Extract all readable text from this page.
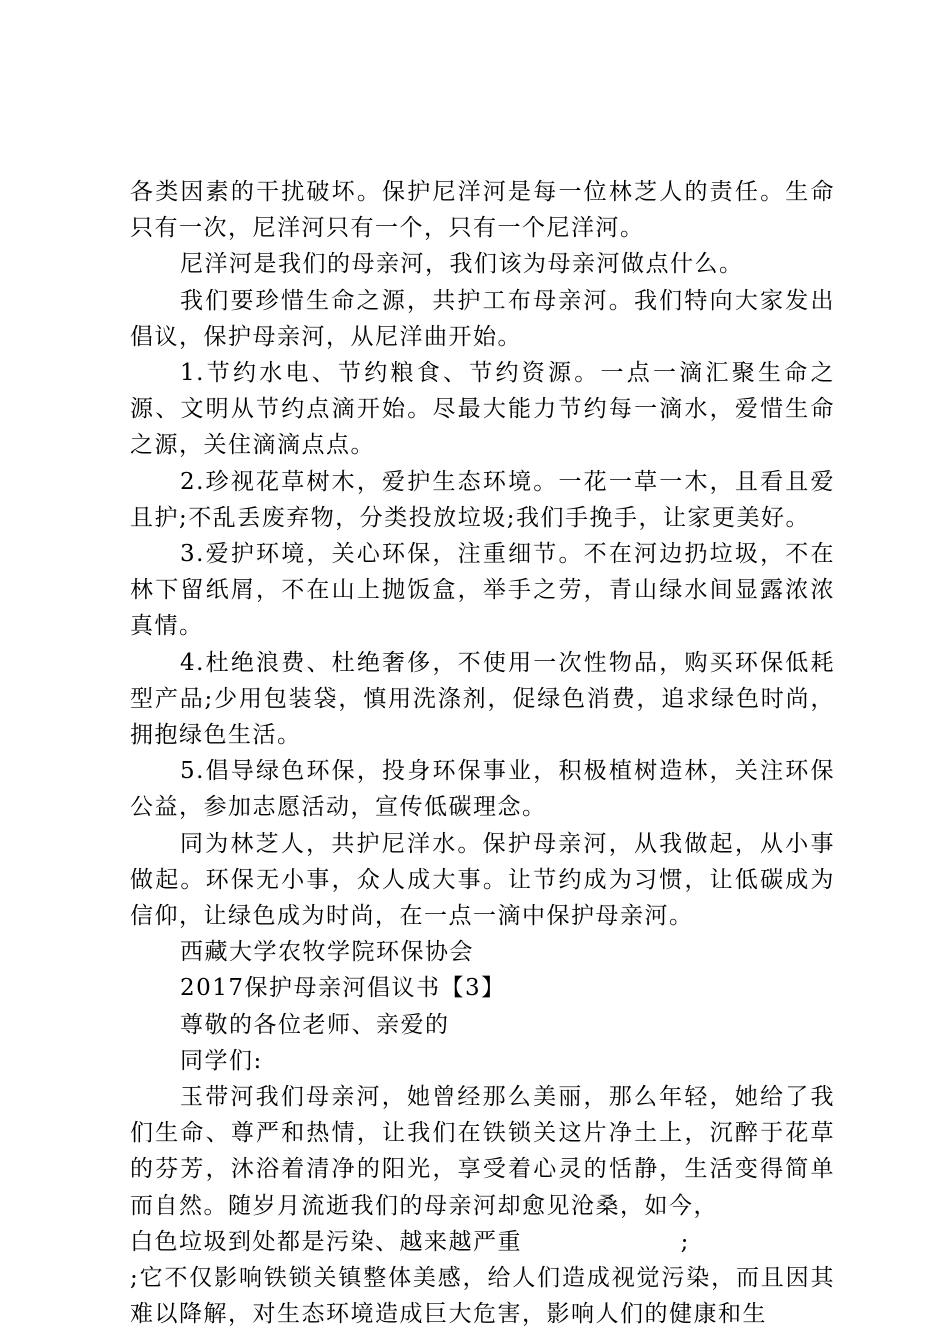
各类因素的干扰破坏。保护尼洋河是每一位林芝人的责任。生命只有一次，尼洋河只有一个，只有一个尼洋河。

尼洋河是我们的母亲河，我们该为母亲河做点什么。

我们要珍惜生命之源，共护工布母亲河。我们特向大家发出倡议，保护母亲河，从尼洋曲开始。

1.节约水电、节约粮食、节约资源。一点一滴汇聚生命之源、文明从节约点滴开始。尽最大能力节约每一滴水，爱惜生命之源，关住滴滴点点。

2.珍视花草树木，爱护生态环境。一花一草一木，且看且爱且护;不乱丢废弃物，分类投放垃圾;我们手挽手，让家更美好。

3.爱护环境，关心环保，注重细节。不在河边扔垃圾，不在林下留纸屑，不在山上抛饭盒，举手之劳，青山绿水间显露浓浓真情。

4.杜绝浪费、杜绝奢侈，不使用一次性物品，购买环保低耗型产品;少用包装袋，慎用洗涤剂，促绿色消费，追求绿色时尚，拥抱绿色生活。

5.倡导绿色环保，投身环保事业，积极植树造林，关注环保公益，参加志愿活动，宣传低碳理念。

同为林芝人，共护尼洋水。保护母亲河，从我做起，从小事做起。环保无小事，众人成大事。让节约成为习惯，让低碳成为信仰，让绿色成为时尚，在一点一滴中保护母亲河。

西藏大学农牧学院环保协会

2017保护母亲河倡议书【3】

尊敬的各位老师、亲爱的

同学们:

玉带河我们母亲河，她曾经那么美丽，那么年轻，她给了我们生命、尊严和热情，让我们在铁锁关这片净土上，沉醉于花草的芬芳，沐浴着清净的阳光，享受着心灵的恬静，生活变得简单而自然。随岁月流逝我们的母亲河却愈见沧桑，如今，

白色垃圾到处都是污染、越来越严重                  ;

;它不仅影响铁锁关镇整体美感，给人们造成视觉污染，而且因其难以降解，对生态环境造成巨大危害，影响人们的健康和生
